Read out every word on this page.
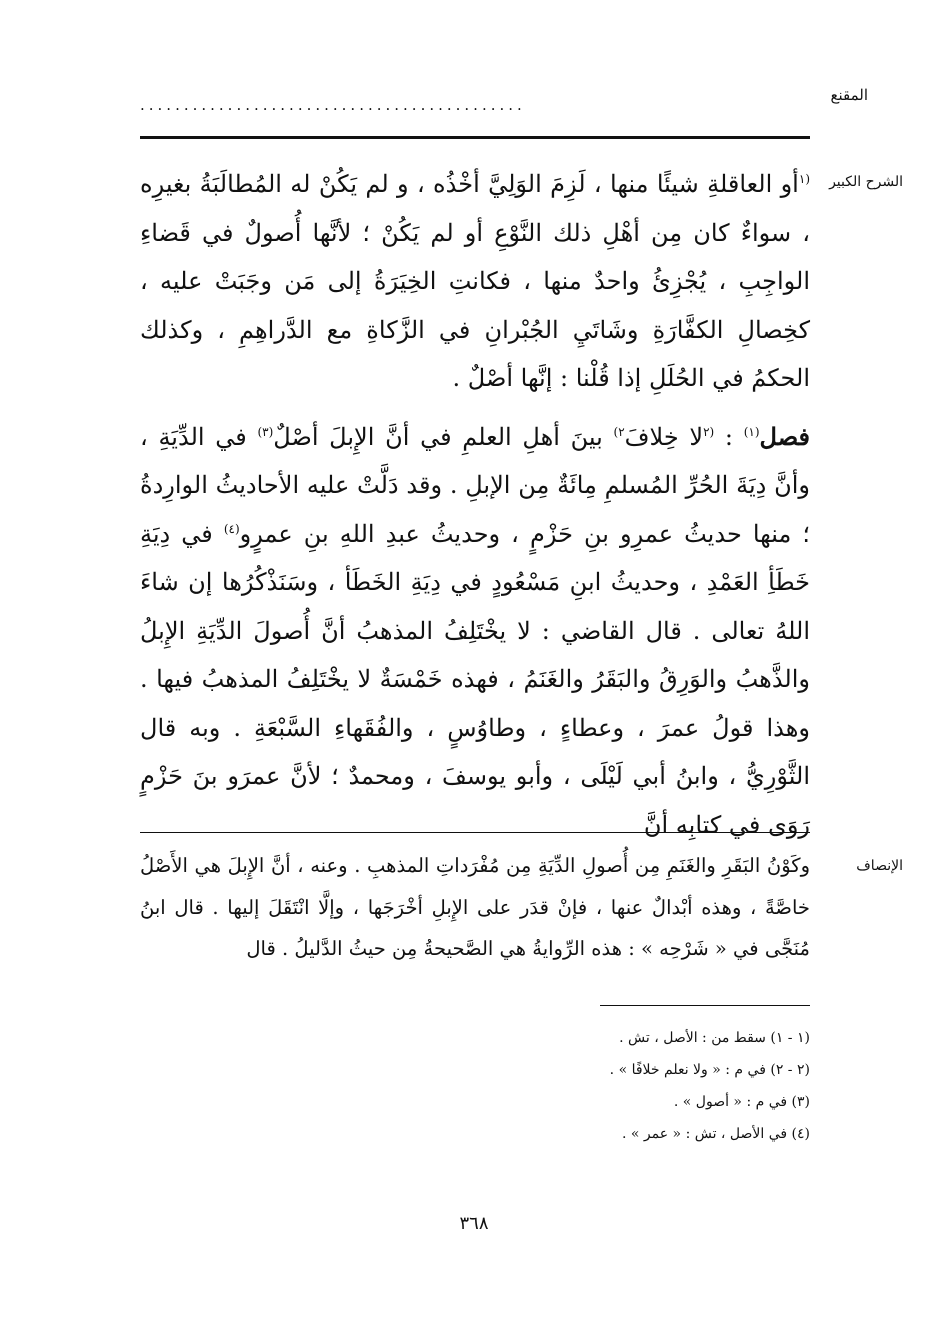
المقنع
............................................
الشرح الكبير

$^{(١}$أو العاقلةِ شيئًا منها ، لَزِمَ الوَلِيَّ أخْذُه ، و لم يَكُنْ له المُطالَبَةُ بغيرِه ، سواءٌ كان مِن أهْلِ ذلك النَّوْعِ أو لم يَكُنْ ؛ لأنَّها أُصولٌ في قَضاءِ الواجِبِ ، يُجْزِئُ واحدٌ منها ، فكانتِ الخِيَرَةُ إلى مَن وجَبَتْ عليه ، كخِصالِ الكفَّارَةِ وشَاتَيِ الجُبْرانِ في الزَّكاةِ مع الدَّراهِمِ ، وكذلك الحكمُ في الحُلَلِ إذا قُلْنا : إنَّها أصْلٌ .

فصل$^{(١)}$ : $^{(٢}$لا خِلافَ$^{٢)}$ بينَ أهلِ العلمِ في أنَّ الإِبلَ أصْلٌ$^{(٣)}$ في الدِّيَةِ ، وأنَّ دِيَةَ الحُرِّ المُسلمِ مِائَةٌ مِن الإبلِ . وقد دَلَّتْ عليه الأحاديثُ الوارِدةُ ؛ منها حديثُ عمرِو بنِ حَزْمٍ ، وحديثُ عبدِ اللهِ بنِ عمرٍو$^{(٤)}$ في دِيَةِ خَطَأِ العَمْدِ ، وحديثُ ابنِ مَسْعُودٍ في دِيَةِ الخَطَأ ، وسَنَذْكُرُها إن شاءَ اللهُ تعالى . قال القاضي : لا يخْتَلِفُ المذهبُ أنَّ أُصولَ الدِّيَةِ الإِبلُ والذَّهبُ والوَرِقُ والبَقَرُ والغَنَمُ ، فهذه خَمْسَةٌ لا يخْتَلِفُ المذهبُ فيها . وهذا قولُ عمرَ ، وعطاءٍ ، وطاوُسٍ ، والفُقَهاءِ السَّبْعَةِ . وبه قال الثَّوْرِيُّ ، وابنُ أبي لَيْلَى ، وأبو يوسفَ ، ومحمدٌ ؛ لأنَّ عمرَو بنَ حَزْمٍ رَوَى في كتابِه أنَّ

الإنصاف

وكَوْنُ البَقَرِ والغَنَمِ مِن أُصولِ الدِّيَةِ مِن مُفْرَداتِ المذهبِ . وعنه ، أنَّ الإِبلَ هي الأَصْلُ خاصَّةً ، وهذه أبْدالٌ عنها ، فإنْ قدَر على الإِبلِ أخْرَجَها ، وإلَّا انْتَقَلَ إليها . قال ابنُ مُنَجَّى في « شَرْحِه » : هذه الرِّوايةُ هي الصَّحيحةُ مِن حيثُ الدَّليلُ . قال

(١ - ١) سقط من : الأصل ، تش .

(٢ - ٢) في م : « ولا نعلم خلافًا » .

(٣) في م : « أصول » .

(٤) في الأصل ، تش : « عمر » .

٣٦٨
